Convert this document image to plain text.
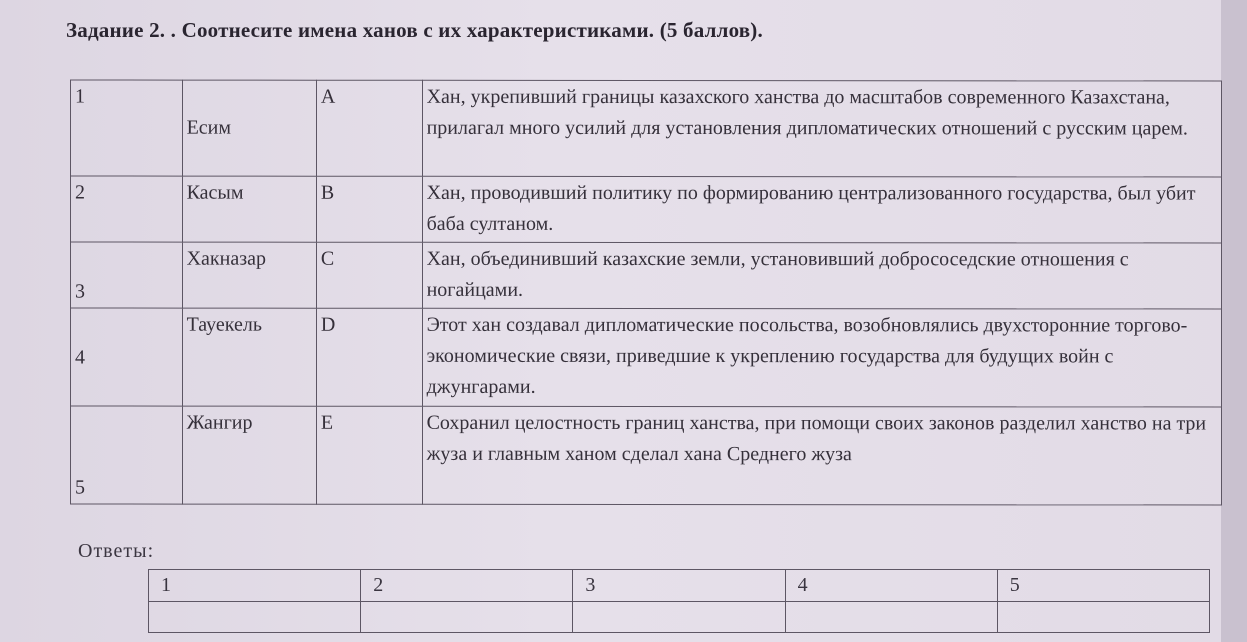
Задание 2. . Соотнесите имена ханов с их характеристиками. (5 баллов).
1	Есим	А	Хан, укрепивший границы казахского ханства до масштабов современного Казахстана, прилагал много усилий для установления дипломатических отношений с русским царем.
2	Касым	В	Хан, проводивший политику по формированию централизованного государства, был убит баба султаном.
3	Хакназар	С	Хан, объединивший казахские земли, установивший добрососедские отношения с ногайцами.
4	Тауекель	D	Этот хан создавал дипломатические посольства, возобновлялись двухсторонние торгово-экономические связи, приведшие к укреплению государства для будущих войн с джунгарами.
5	Жангир	Е	Сохранил целостность границ ханства, при помощи своих законов разделил ханство на три жуза и главным ханом сделал хана Среднего жуза
Ответы:
1	2	3	4	5
